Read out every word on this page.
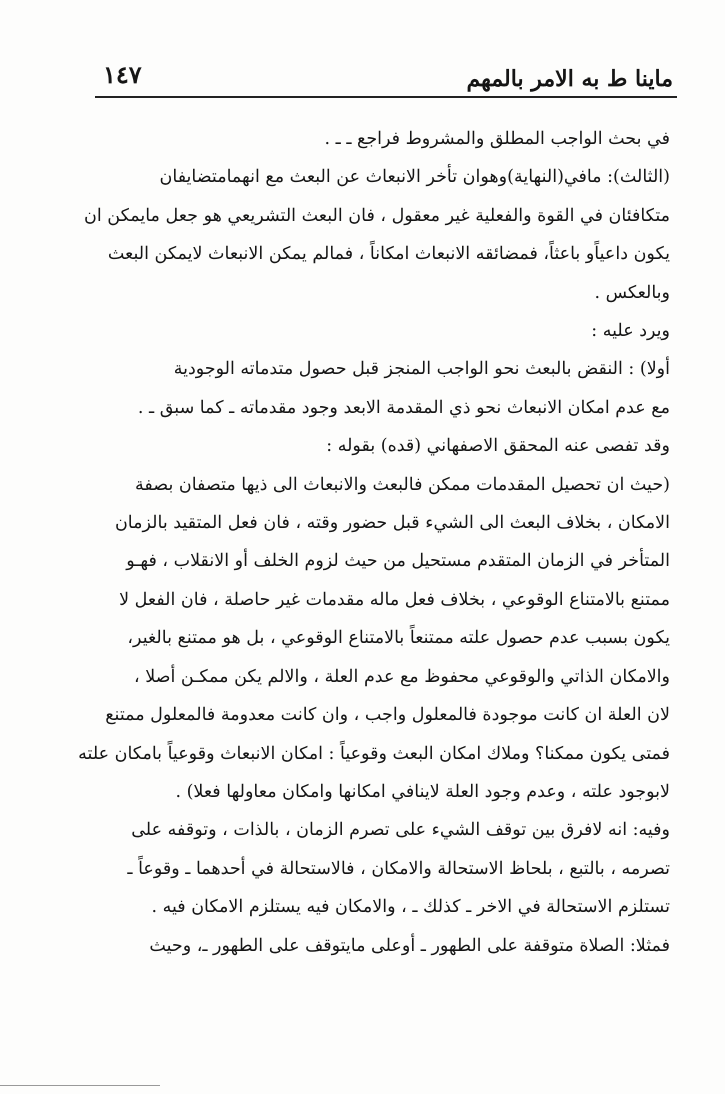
ماينا ط به الامر بالمهم
١٤٧

في بحث الواجب المطلق والمشروط فراجع ـ ـ .

(الثالث): مافي(النهاية)وهوان تأخر الانبعاث عن البعث مع انهمامتضايفان

متكافئان في القوة والفعلية غير معقول ، فان البعث التشريعي هو جعل مايمكن ان

يكون داعياًو باعثاً، فمضائقه الانبعاث امكاناً ، فمالم يمكن الانبعاث لايمكن البعث

وبالعكس .

ويرد عليه :

أولا) : النقض بالبعث نحو الواجب المنجز قبل حصول متدماته الوجودية

مع عدم امكان الانبعاث نحو ذي المقدمة الابعد وجود مقدماته ـ كما سبق ـ .

وقد تفصى عنه المحقق الاصفهاني (قده) بقوله :

(حيث ان تحصيل المقدمات ممكن فالبعث والانبعاث الى ذيها متصفان بصفة

الامكان ، بخلاف البعث الى الشيء قبل حضور وقته ، فان فعل المتقيد بالزمان

المتأخر في الزمان المتقدم مستحيل من حيث لزوم الخلف أو الانقلاب ، فهـو

ممتنع بالامتناع الوقوعي ، بخلاف فعل ماله مقدمات غير حاصلة ، فان الفعل لا

يكون بسبب عدم حصول علته ممتنعاً بالامتناع الوقوعي ، بل هو ممتنع بالغير،

والامكان الذاتي والوقوعي محفوظ مع عدم العلة ، والالم يكن ممكـن أصلا ،

لان العلة ان كانت موجودة فالمعلول واجب ، وان كانت معدومة فالمعلول ممتنع

فمتى يكون ممكنا؟ وملاك امكان البعث وقوعياً : امكان الانبعاث وقوعياً بامكان علته

لابوجود علته ، وعدم وجود العلة لاينافي امكانها وامكان معاولها فعلا) .

وفيه: انه لافرق بين توقف الشيء على تصرم الزمان ، بالذات ، وتوقفه على

تصرمه ، بالتبع ، بلحاظ الاستحالة والامكان ، فالاستحالة في أحدهما ـ وقوعاً ـ

تستلزم الاستحالة في الاخر ـ كذلك ـ ، والامكان فيه يستلزم الامكان فيه .

فمثلا: الصلاة متوقفة على الطهور ـ أوعلى مايتوقف على الطهور ـ، وحيث
